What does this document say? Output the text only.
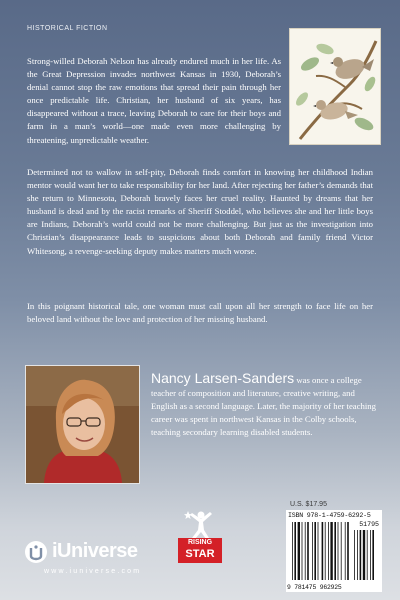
HISTORICAL FICTION

Strong-willed Deborah Nelson has already endured much in her life. As the Great Depression invades northwest Kansas in 1930, Deborah’s denial cannot stop the raw emotions that spread their pain through her once predictable life. Christian, her husband of six years, has disappeared without a trace, leaving Deborah to care for their boys and farm in a man’s world—one made even more challenging by threatening, unpredictable weather.

Determined not to wallow in self-pity, Deborah finds comfort in knowing her childhood Indian mentor would want her to take responsibility for her land. After rejecting her father’s demands that she return to Minnesota, Deborah bravely faces her cruel reality. Haunted by dreams that her husband is dead and by the racist remarks of Sheriff Stoddel, who believes she and her little boys are Indians, Deborah’s world could not be more challenging. But just as the investigation into Christian’s disappearance leads to suspicions about both Deborah and family friend Victor Whitesong, a revenge-seeking deputy makes matters much worse.

In this poignant historical tale, one woman must call upon all her strength to face life on her beloved land without the love and protection of her missing husband.

Nancy Larsen-Sanders was once a college teacher of composition and literature, creative writing, and English as a second language. Later, the majority of her teaching career was spent in northwest Kansas in the Colby schools, teaching secondary learning disabled students.

RISING
STAR
U.S. $17.95
ISBN 978-1-4759-6292-5
51795
9 781475 962925
iUniverse
www.iuniverse.com
